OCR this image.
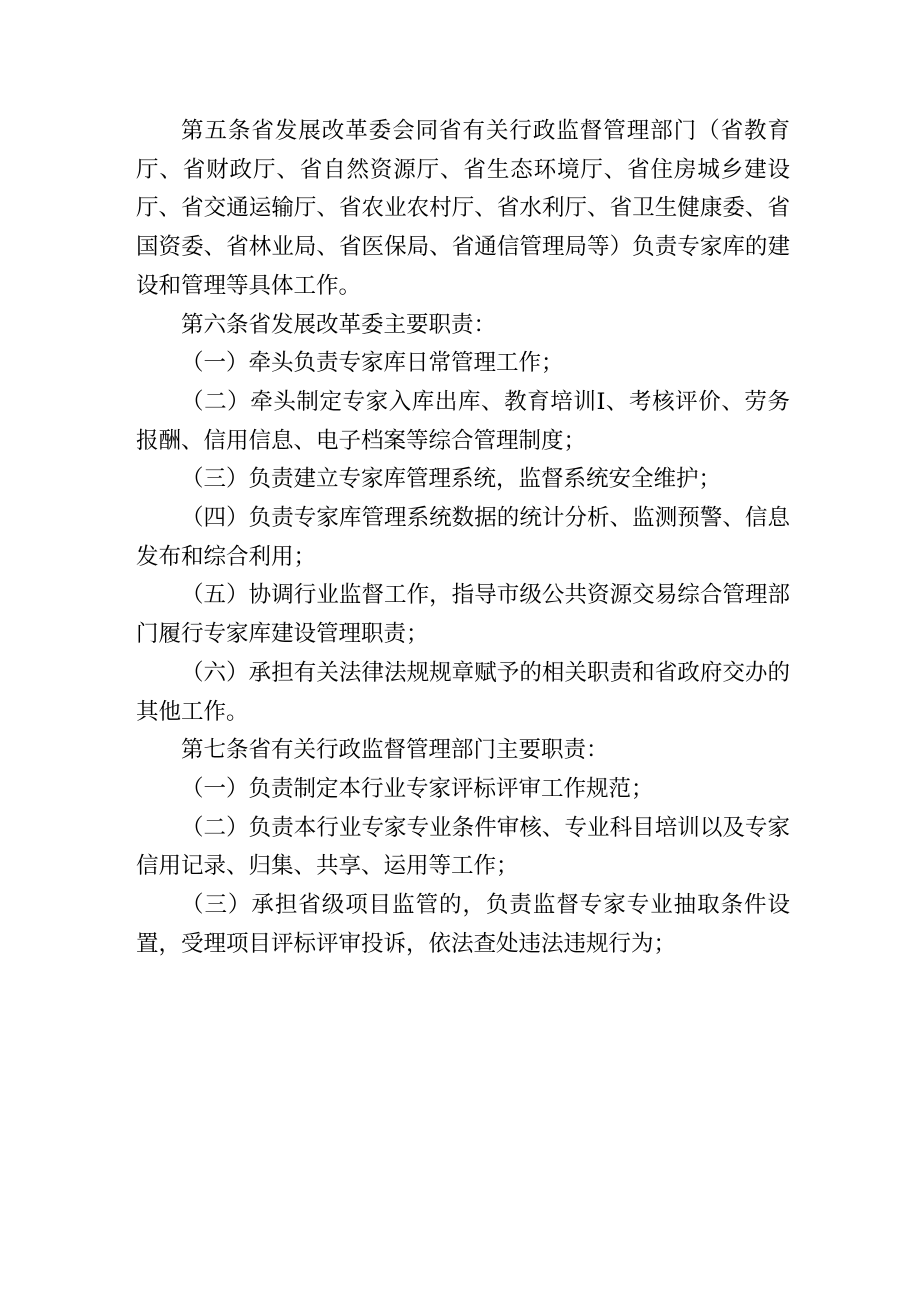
第五条省发展改革委会同省有关行政监督管理部门（省教育厅、省财政厅、省自然资源厅、省生态环境厅、省住房城乡建设厅、省交通运输厅、省农业农村厅、省水利厅、省卫生健康委、省国资委、省林业局、省医保局、省通信管理局等）负责专家库的建设和管理等具体工作。

第六条省发展改革委主要职责：

（一）牵头负责专家库日常管理工作；

（二）牵头制定专家入库出库、教育培训I、考核评价、劳务报酬、信用信息、电子档案等综合管理制度；

（三）负责建立专家库管理系统，监督系统安全维护；

（四）负责专家库管理系统数据的统计分析、监测预警、信息发布和综合利用；

（五）协调行业监督工作，指导市级公共资源交易综合管理部门履行专家库建设管理职责；

（六）承担有关法律法规规章赋予的相关职责和省政府交办的其他工作。

第七条省有关行政监督管理部门主要职责：

（一）负责制定本行业专家评标评审工作规范；

（二）负责本行业专家专业条件审核、专业科目培训以及专家信用记录、归集、共享、运用等工作；

（三）承担省级项目监管的，负责监督专家专业抽取条件设置，受理项目评标评审投诉，依法查处违法违规行为；
